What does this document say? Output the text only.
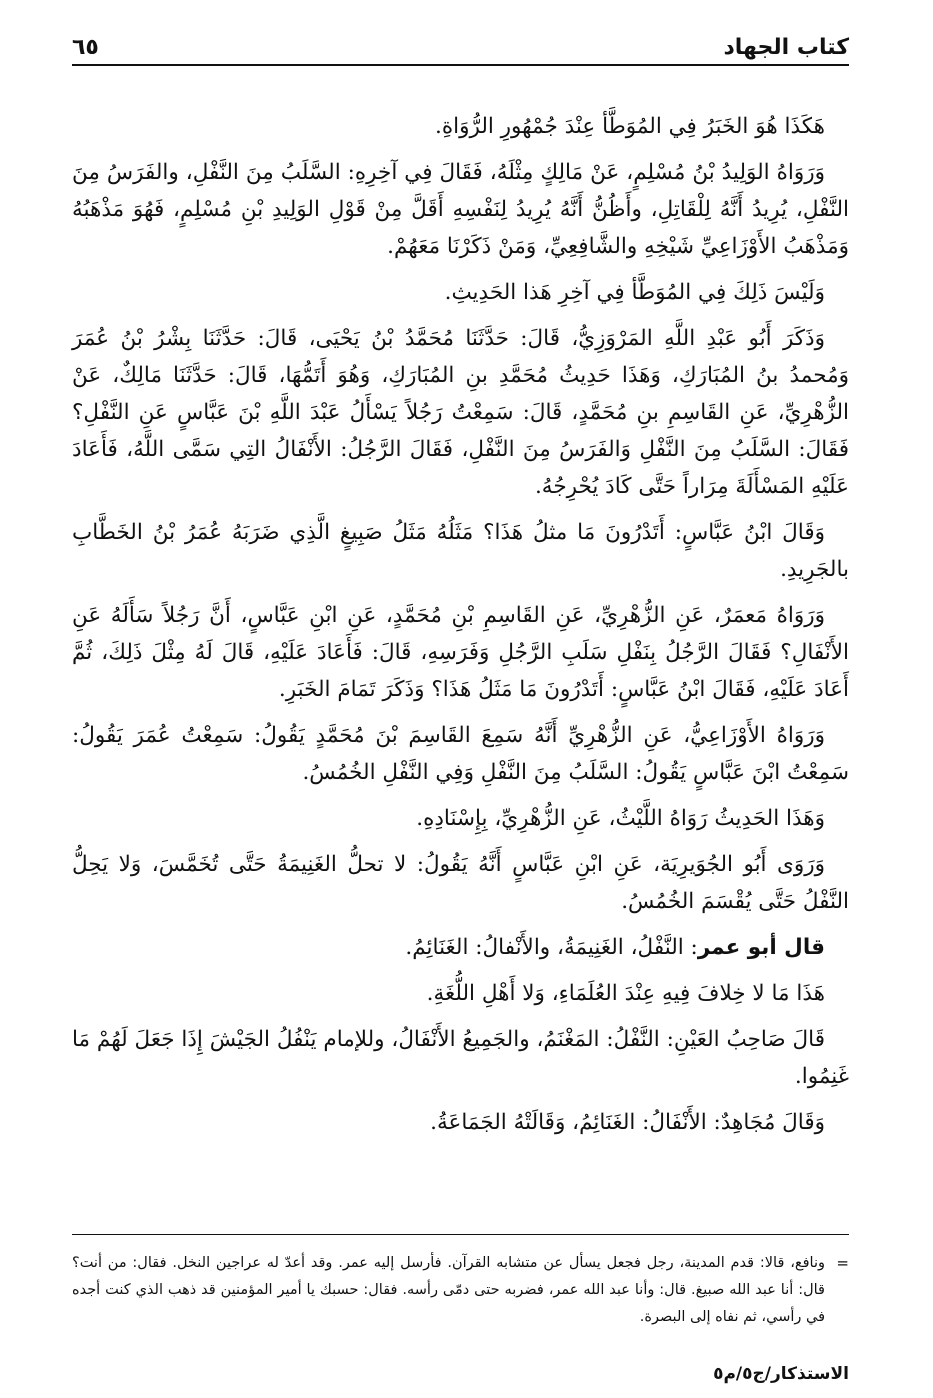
كتاب الجهاد
٦٥

هَكَذَا هُوَ الخَبَرُ فِي المُوَطَّأ عِنْدَ جُمْهُورِ الرُّوَاةِ.

وَرَوَاهُ الوَلِيدُ بْنُ مُسْلِمٍ، عَنْ مَالِكٍ مِثْلَهُ، فَقَالَ فِي آخِرِهِ: السَّلَبُ مِنَ النَّفْلِ، والفَرَسُ مِنَ النَّفْلِ، يُرِيدُ أَنَّهُ لِلْقَاتِلِ، وأَظُنُّ أَنَّهُ يُرِيدُ لِنَفْسِهِ أَقَلَّ مِنْ قَوْلِ الوَلِيدِ بْنِ مُسْلِمٍ، فَهُوَ مَذْهَبُهُ وَمَذْهَبُ الأَوْزَاعِيِّ شَيْخِهِ والشَّافِعِيِّ، وَمَنْ ذَكَرْنَا مَعَهُمْ.

وَلَيْسَ ذَلِكَ فِي المُوَطَّأ فِي آخِرِ هَذا الحَدِيثِ.

وَذَكَرَ أَبُو عَبْدِ اللَّهِ المَرْوَزِيُّ، قَالَ: حَدَّثَنَا مُحَمَّدُ بْنُ يَحْيَى، قَالَ: حَدَّثَنَا بِشْرُ بْنُ عُمَرَ وَمُحمدُ بنُ المُبَارَكِ، وَهَذَا حَدِيثُ مُحَمَّدِ بنِ المُبَارَكِ، وَهُوَ أَتَمُّهَا، قَالَ: حَدَّثَنَا مَالِكٌ، عَنْ الزُّهْرِيِّ، عَنِ القَاسِمِ بنِ مُحَمَّدٍ، قَالَ: سَمِعْتُ رَجُلاً يَسْأَلُ عَبْدَ اللَّهِ بْنَ عَبَّاسٍ عَنِ النَّفْلِ؟ فَقَالَ: السَّلَبُ مِنَ النَّفْلِ وَالفَرَسُ مِنَ النَّفْلِ، فَقَالَ الرَّجُلُ: الأَنْفَالُ التِي سَمَّى اللَّهُ، فَأَعَادَ عَلَيْهِ المَسْأَلَةَ مِرَاراً حَتَّى كَادَ يُحْرِجُهُ.

وَقَالَ ابْنُ عَبَّاسٍ: أَتَدْرُونَ مَا مثلُ هَذَا؟ مَثَلُهُ مَثَلُ صَبِيغٍ الَّذِي ضَرَبَهُ عُمَرُ بْنُ الخَطَّابِ بالجَرِيدِ.

وَرَوَاهُ مَعمَرٌ، عَنِ الزُّهْرِيِّ، عَنِ القَاسِمِ بْنِ مُحَمَّدٍ، عَنِ ابْنِ عَبَّاسٍ، أَنَّ رَجُلاً سَأَلَهُ عَنِ الأَنْفَالِ؟ فَقَالَ الرَّجُلُ بِنَفْلِ سَلَبِ الرَّجُلِ وَفَرَسِهِ، قَالَ: فَأَعَادَ عَلَيْهِ، قَالَ لَهُ مِثْلَ ذَلِكَ، ثُمَّ أَعَادَ عَلَيْهِ، فَقَالَ ابْنُ عَبَّاسٍ: أَتَدْرُونَ مَا مَثَلُ هَذَا؟ وَذَكَرَ تَمَامَ الخَبَرِ.

وَرَوَاهُ الأَوْزَاعِيُّ، عَنِ الزُّهْرِيِّ أَنَّهُ سَمِعَ القَاسِمَ بْنَ مُحَمَّدٍ يَقُولُ: سَمِعْتُ عُمَرَ يَقُولُ: سَمِعْتُ ابْنَ عَبَّاسٍ يَقُولُ: السَّلَبُ مِنَ النَّفْلِ وَفِي النَّفْلِ الخُمُسُ.

وَهَذَا الحَدِيثُ رَوَاهُ اللَّيْثُ، عَنِ الزُّهْرِيِّ، بِإِسْنَادِهِ.

وَرَوَى أَبُو الجُوَيرِيَة، عَنِ ابْنِ عَبَّاسٍ أَنَّهُ يَقُولُ: لا تحلُّ الغَنِيمَةُ حَتَّى تُخَمَّسَ، وَلا يَحِلُّ النَّفْلُ حَتَّى يُقْسَمَ الخُمُسُ.

قال أبو عمر: النَّفْلُ، الغَنِيمَةُ، والأَنْفالُ: الغَنَائِمُ.

هَذَا مَا لا خِلافَ فِيهِ عِنْدَ العُلَمَاءِ، وَلا أَهْلِ اللُّغَةِ.

قَالَ صَاحِبُ العَيْنِ: النَّفْلُ: المَغْنَمُ، والجَمِيعُ الأَنْفَالُ، وللإمام يَنْفُلُ الجَيْشَ إِذَا جَعَلَ لَهُمْ مَا غَنِمُوا.

وَقَالَ مُجَاهِدٌ: الأَنْفَالُ: الغَنَائِمُ، وَقَالَتْهُ الجَمَاعَةُ.

=
ونافع، قالا: قدم المدينة، رجل فجعل يسأل عن متشابه القرآن. فأرسل إليه عمر. وقد أعدّ له عراجين النخل. فقال: من أنت؟ قال: أنا عبد الله صبيغ. قال: وأنا عبد الله عمر، فضربه حتى دمّى رأسه. فقال: حسبك يا أمير المؤمنين قد ذهب الذي كنت أجده في رأسي، ثم نفاه إلى البصرة.
الاستذكار/ج٥/م٥
